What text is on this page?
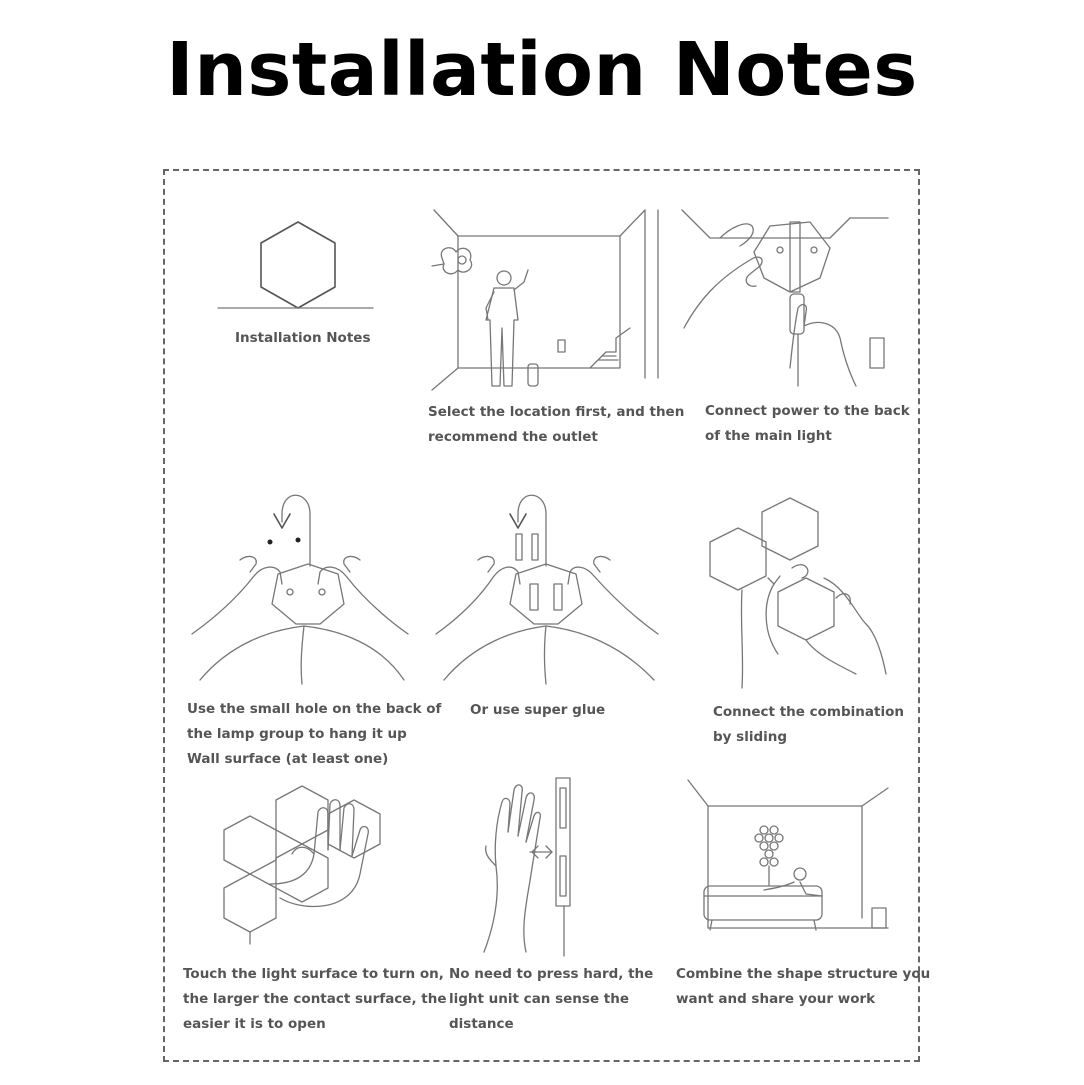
Installation Notes
Installation Notes
Select the location first, and then
recommend the outlet
Connect power to the back
of the main light
Use the small hole on the back of
the lamp group to hang it up
Wall surface (at least one)
Or use super glue	Connect the combination
by sliding
Touch the light surface to turn on,
the larger the contact surface, the
easier it is to open
No need to press hard, the
light unit can sense the
distance
Combine the shape structure you
want and share your work
